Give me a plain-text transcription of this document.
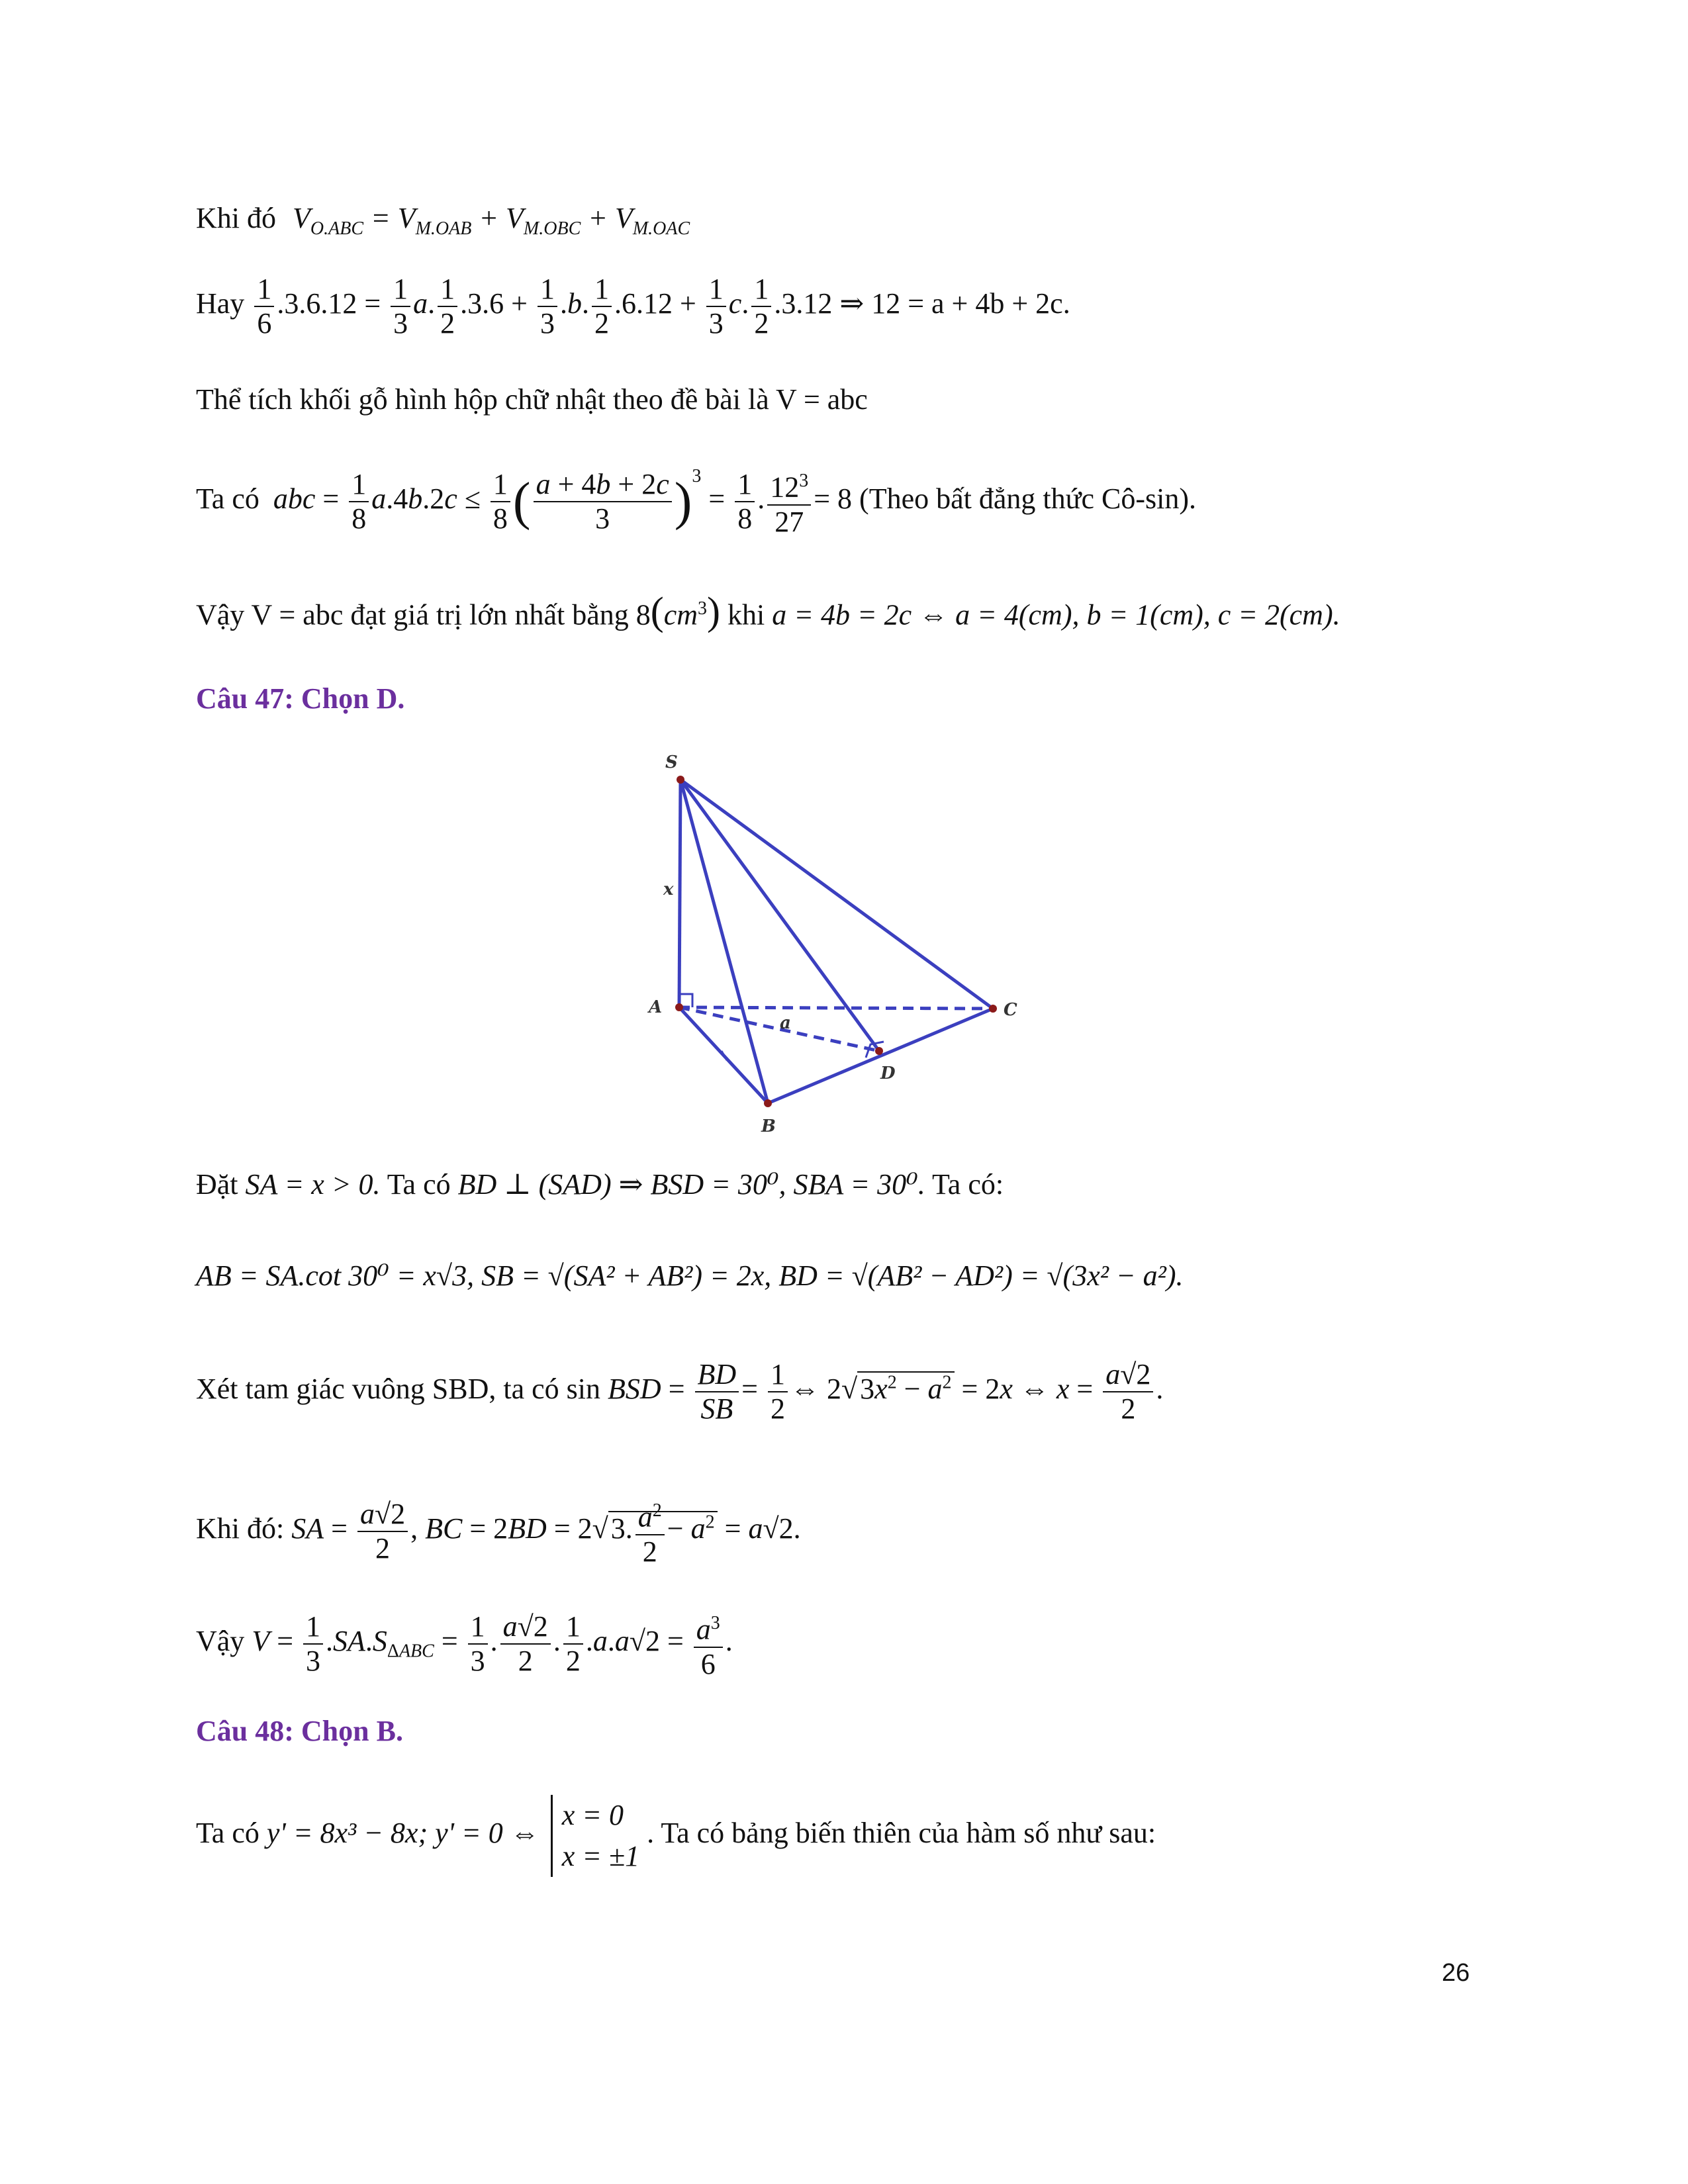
Khi đó $V_{O.ABC} = V_{M.OAB} + V_{M.OBC} + V_{M.OAC}$
Hay $\frac{1}{6} .3.6.12 = \frac{1}{3} a$. $\frac{1}{2} .3.6 + \frac{1}{3} .b$. $\frac{1}{2} .6.12 + \frac{1}{3} c$. $\frac{1}{2} .3.12$ ⇒ 12 = a + 4b + 2c.
Thể tích khối gỗ hình hộp chữ nhật theo đề bài là V = abc
Ta có abc = $\frac{1}{8} a.4b.2c \le \frac{1}{8}$ ( $\frac{a + 4b + 2c}{3} )^3 = \frac{1}{8}$ . $\frac{12^3}{27} = 8$ (Theo bất đẳng thức Cô-sin).
Vậy V = abc đạt giá trị lớn nhất bằng $8(cm^3)$ khi a = 4b = 2c ⇔ a = 4(cm), b = 1(cm), c = 2(cm).
Câu 47: Chọn D.
S
A
B
C
D
x
a
Đặt SA = x > 0. Ta có BD ⊥ (SAD) ⇒ BSD = 30⁰, SBA = 30⁰. Ta có:
AB = SA.cot 30⁰ = x√3, SB = √(SA² + AB²) = 2x, BD = √(AB² − AD²) = √(3x² − a²).
Xét tam giác vuông SBD, ta có sin BSD = $\frac{BD}{SB} = \frac{1}{2}$ ⇔ $2√3x^2 - a^2 = 2x$ ⇔ $x = \frac{a√2}{2}$ .
Khi đó: SA = $\frac{a√2}{2}$ , BC = 2BD = 2√3. $\frac{a^2}{2} - a^2 = a√2$.
Vậy $V = \frac{1}{3} .SA.S_{\Delta ABC} = \frac{1}{3}$ . $\frac{a√2}{2}$ . $\frac{1}{2} .a.a√2 = \frac{a^3}{6}$ .
Câu 48: Chọn B.
Ta có y' = 8x³ − 8x; y' = 0 ⇔
x = 0
x = ±1
. Ta có bảng biến thiên của hàm số như sau:
26
